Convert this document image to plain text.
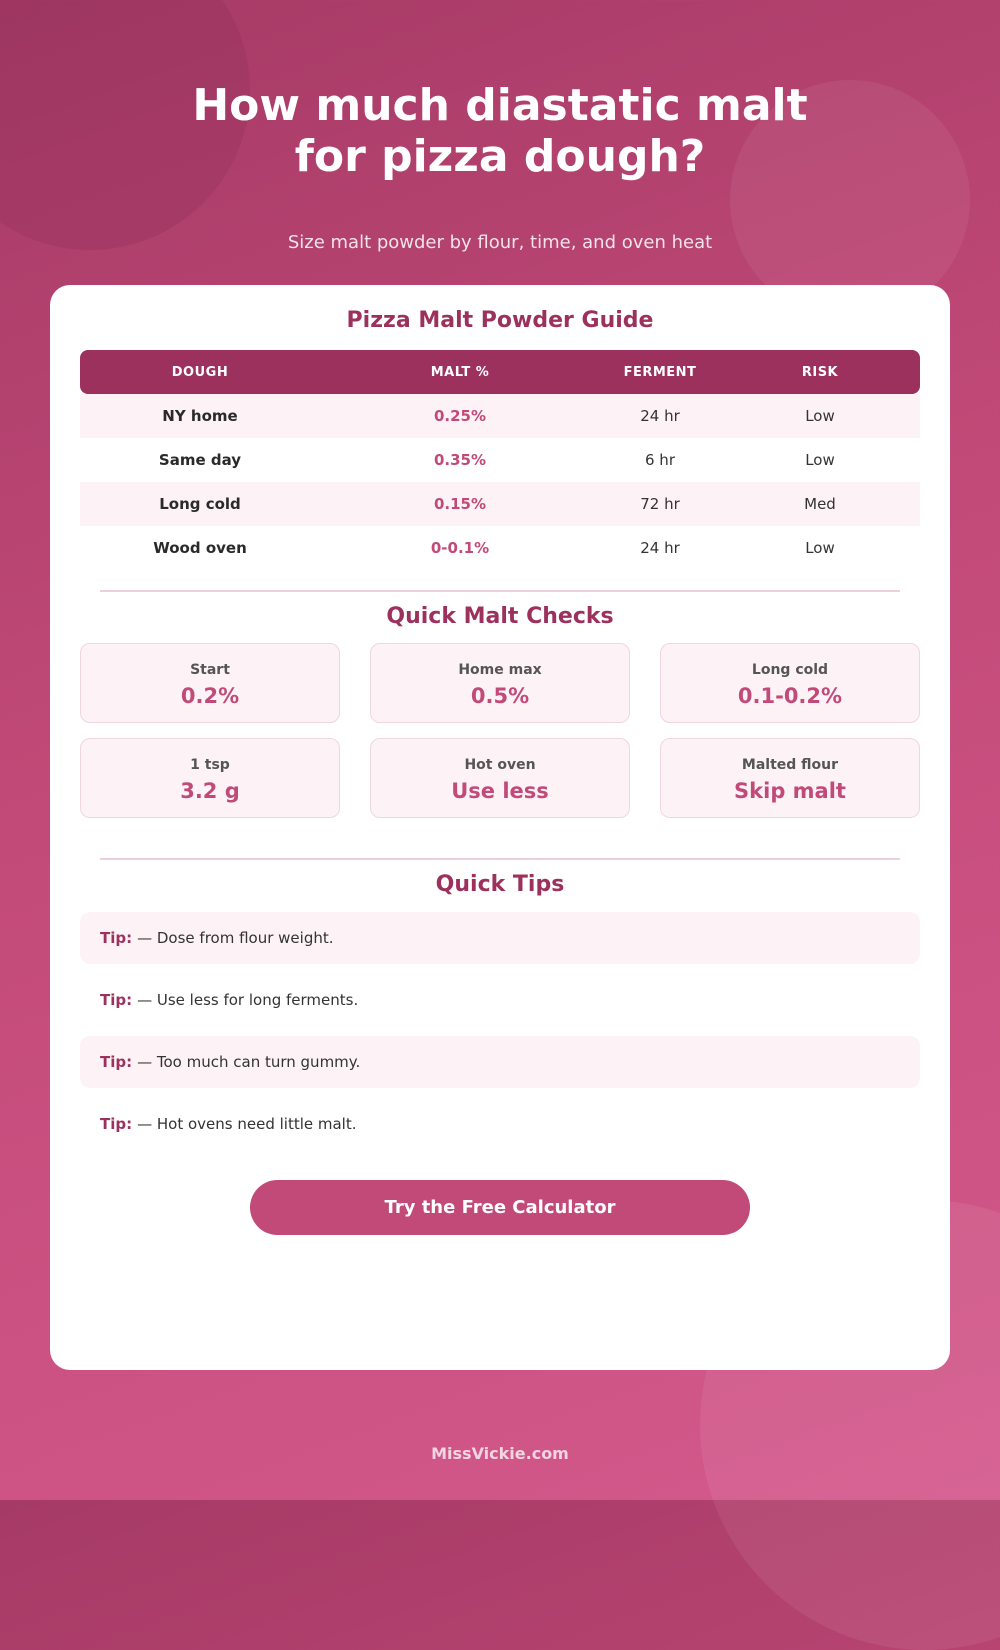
How much diastatic malt
for pizza dough?

Size malt powder by flour, time, and oven heat

Pizza Malt Powder Guide
DOUGH	MALT %	FERMENT	RISK
NY home	0.25%	24 hr	Low
Same day	0.35%	6 hr	Low
Long cold	0.15%	72 hr	Med
Wood oven	0-0.1%	24 hr	Low
Quick Malt Checks
Start
0.2%
Home max
0.5%
Long cold
0.1-0.2%
1 tsp
3.2 g
Hot oven
Use less
Malted flour
Skip malt
Quick Tips
Tip: — Dose from flour weight.
Tip: — Use less for long ferments.
Tip: — Too much can turn gummy.
Tip: — Hot ovens need little malt.
Try the Free Calculator
MissVickie.com
